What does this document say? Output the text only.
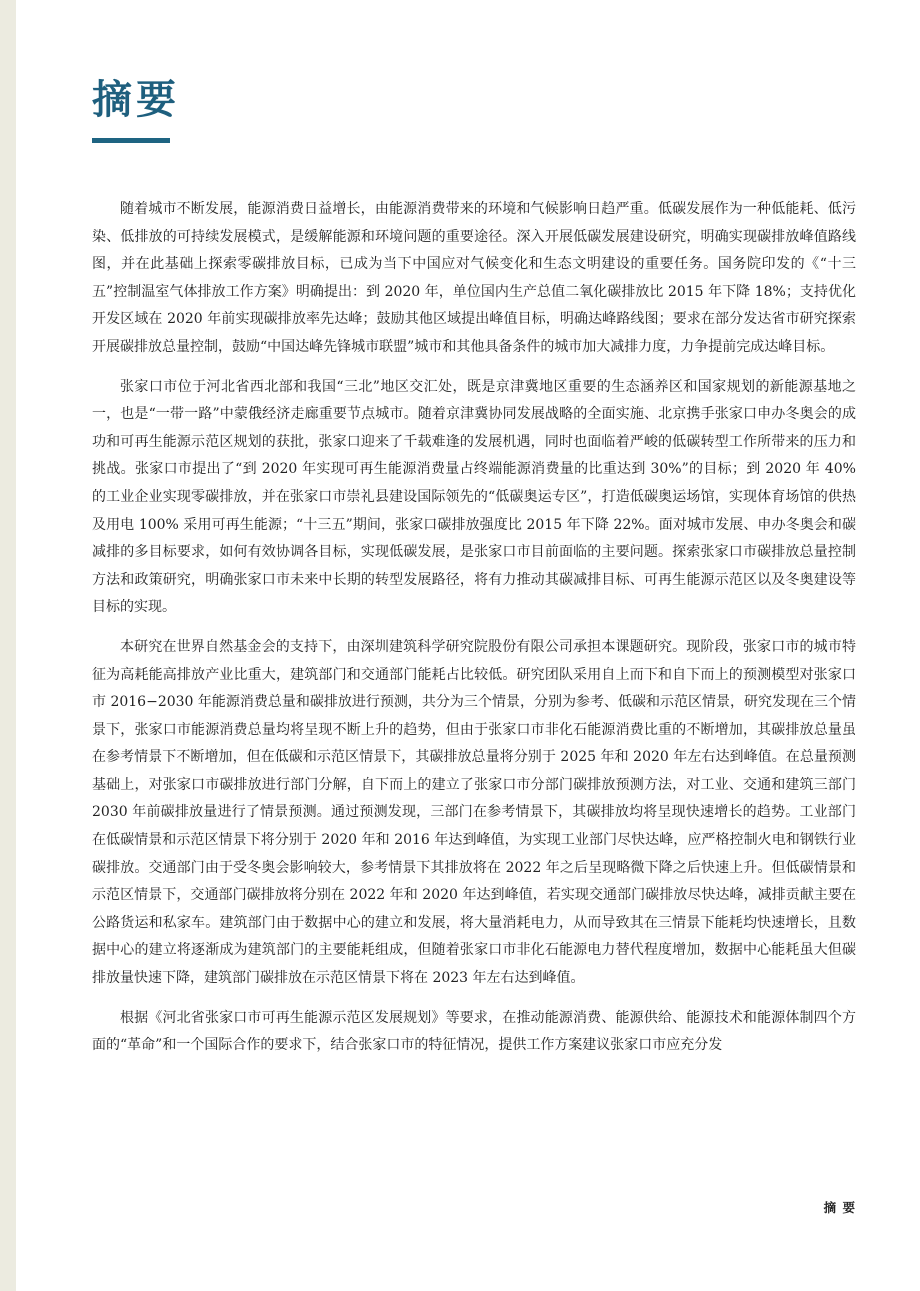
摘要

随着城市不断发展，能源消费日益增长，由能源消费带来的环境和气候影响日趋严重。低碳发展作为一种低能耗、低污染、低排放的可持续发展模式，是缓解能源和环境问题的重要途径。深入开展低碳发展建设研究，明确实现碳排放峰值路线图，并在此基础上探索零碳排放目标，已成为当下中国应对气候变化和生态文明建设的重要任务。国务院印发的《“十三五”控制温室气体排放工作方案》明确提出：到 2020 年，单位国内生产总值二氧化碳排放比 2015 年下降 18%；支持优化开发区域在 2020 年前实现碳排放率先达峰；鼓励其他区域提出峰值目标，明确达峰路线图；要求在部分发达省市研究探索开展碳排放总量控制，鼓励“中国达峰先锋城市联盟”城市和其他具备条件的城市加大减排力度，力争提前完成达峰目标。

张家口市位于河北省西北部和我国“三北”地区交汇处，既是京津冀地区重要的生态涵养区和国家规划的新能源基地之一，也是“一带一路”中蒙俄经济走廊重要节点城市。随着京津冀协同发展战略的全面实施、北京携手张家口申办冬奥会的成功和可再生能源示范区规划的获批，张家口迎来了千载难逢的发展机遇，同时也面临着严峻的低碳转型工作所带来的压力和挑战。张家口市提出了“到 2020 年实现可再生能源消费量占终端能源消费量的比重达到 30%”的目标；到 2020 年 40% 的工业企业实现零碳排放，并在张家口市崇礼县建设国际领先的“低碳奥运专区”，打造低碳奥运场馆，实现体育场馆的供热及用电 100% 采用可再生能源；“十三五”期间，张家口碳排放强度比 2015 年下降 22%。面对城市发展、申办冬奥会和碳减排的多目标要求，如何有效协调各目标，实现低碳发展，是张家口市目前面临的主要问题。探索张家口市碳排放总量控制方法和政策研究，明确张家口市未来中长期的转型发展路径，将有力推动其碳减排目标、可再生能源示范区以及冬奥建设等目标的实现。

本研究在世界自然基金会的支持下，由深圳建筑科学研究院股份有限公司承担本课题研究。现阶段，张家口市的城市特征为高耗能高排放产业比重大，建筑部门和交通部门能耗占比较低。研究团队采用自上而下和自下而上的预测模型对张家口市 2016−2030 年能源消费总量和碳排放进行预测，共分为三个情景，分别为参考、低碳和示范区情景，研究发现在三个情景下，张家口市能源消费总量均将呈现不断上升的趋势，但由于张家口市非化石能源消费比重的不断增加，其碳排放总量虽在参考情景下不断增加，但在低碳和示范区情景下，其碳排放总量将分别于 2025 年和 2020 年左右达到峰值。在总量预测基础上，对张家口市碳排放进行部门分解，自下而上的建立了张家口市分部门碳排放预测方法，对工业、交通和建筑三部门 2030 年前碳排放量进行了情景预测。通过预测发现，三部门在参考情景下，其碳排放均将呈现快速增长的趋势。工业部门在低碳情景和示范区情景下将分别于 2020 年和 2016 年达到峰值，为实现工业部门尽快达峰，应严格控制火电和钢铁行业碳排放。交通部门由于受冬奥会影响较大，参考情景下其排放将在 2022 年之后呈现略微下降之后快速上升。但低碳情景和示范区情景下，交通部门碳排放将分别在 2022 年和 2020 年达到峰值，若实现交通部门碳排放尽快达峰，减排贡献主要在公路货运和私家车。建筑部门由于数据中心的建立和发展，将大量消耗电力，从而导致其在三情景下能耗均快速增长，且数据中心的建立将逐渐成为建筑部门的主要能耗组成，但随着张家口市非化石能源电力替代程度增加，数据中心能耗虽大但碳排放量快速下降，建筑部门碳排放在示范区情景下将在 2023 年左右达到峰值。

根据《河北省张家口市可再生能源示范区发展规划》等要求，在推动能源消费、能源供给、能源技术和能源体制四个方面的“革命”和一个国际合作的要求下，结合张家口市的特征情况，提供工作方案建议张家口市应充分发

摘 要
